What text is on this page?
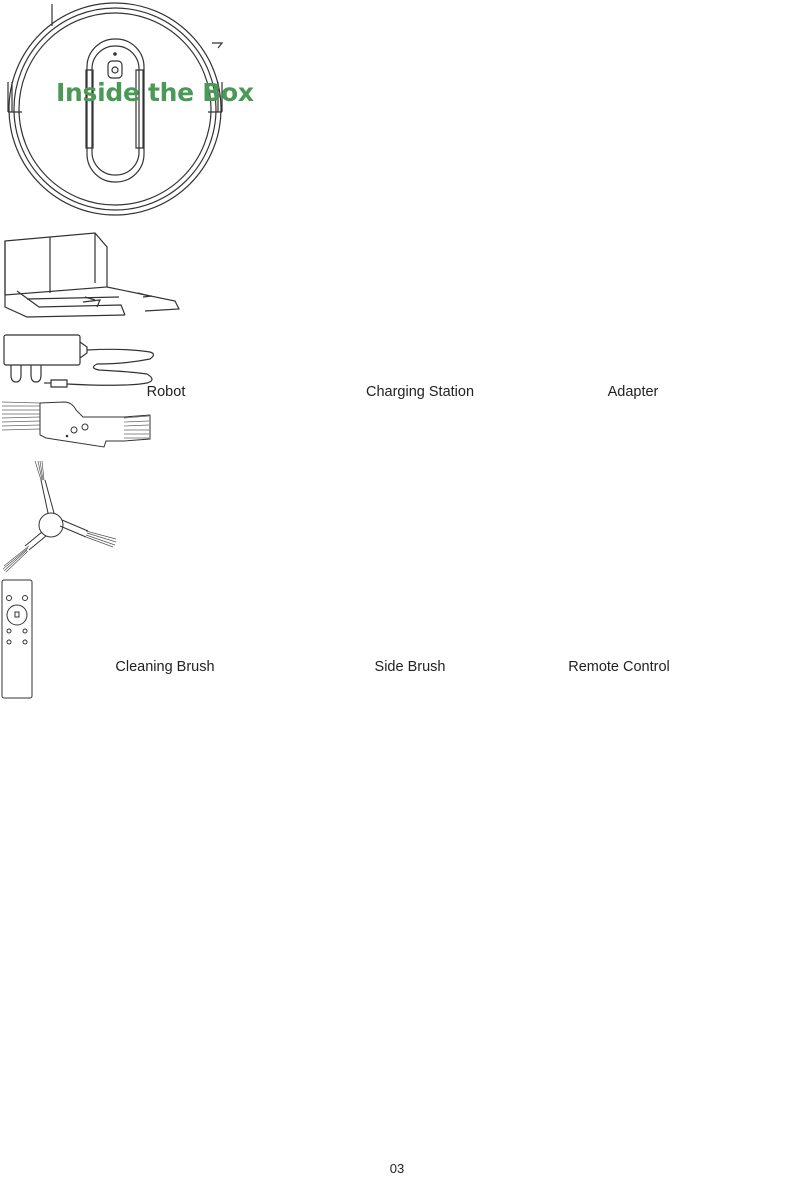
Inside the Box
Robot	Charging Station	Adapter
Cleaning Brush	Side Brush	Remote Control
03
